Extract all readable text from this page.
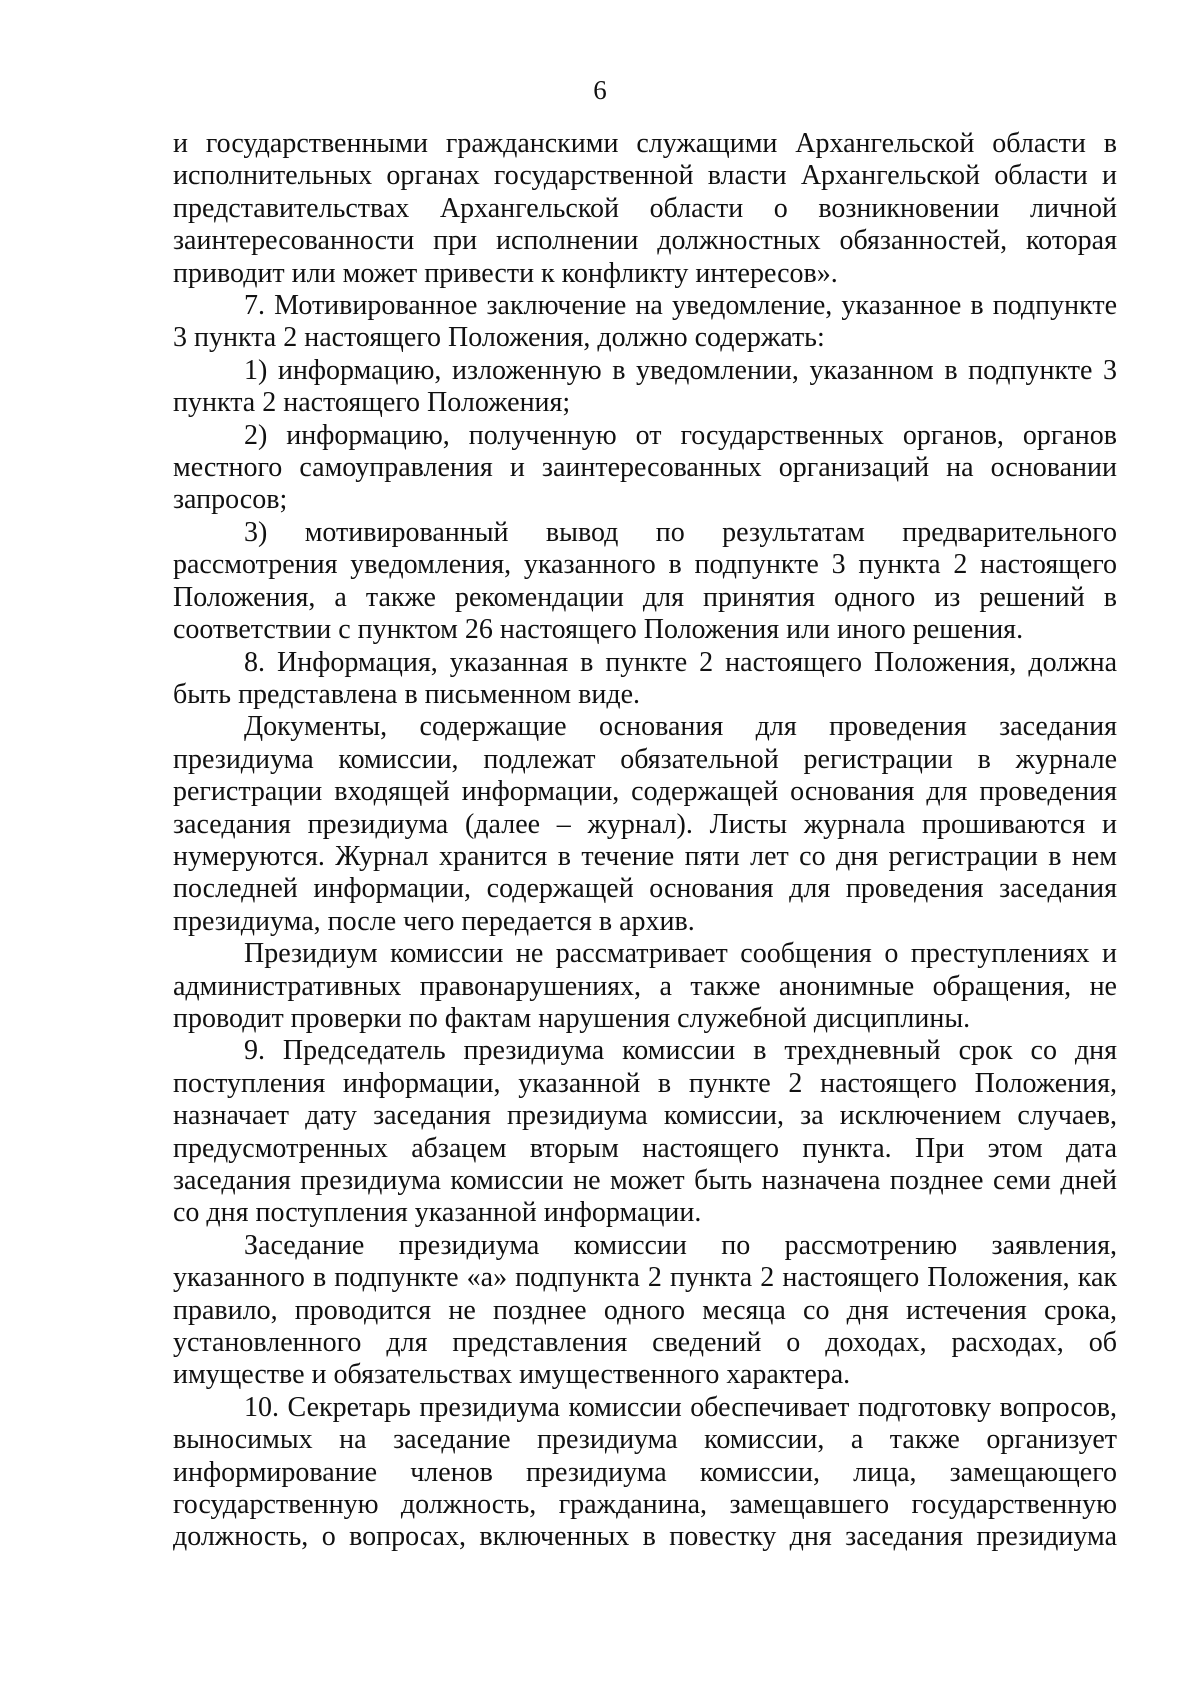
6

и государственными гражданскими служащими Архангельской области в исполнительных органах государственной власти Архангельской области и представительствах Архангельской области о возникновении личной заинтересованности при исполнении должностных обязанностей, которая приводит или может привести к конфликту интересов».

7. Мотивированное заключение на уведомление, указанное в подпункте 3 пункта 2 настоящего Положения, должно содержать:

1) информацию, изложенную в уведомлении, указанном в подпункте 3 пункта 2 настоящего Положения;

2) информацию, полученную от государственных органов, органов местного самоуправления и заинтересованных организаций на основании запросов;

3) мотивированный вывод по результатам предварительного рассмотрения уведомления, указанного в подпункте 3 пункта 2 настоящего Положения, а также рекомендации для принятия одного из решений в соответствии с пунктом 26 настоящего Положения или иного решения.

8. Информация, указанная в пункте 2 настоящего Положения, должна быть представлена в письменном виде.

Документы, содержащие основания для проведения заседания президиума комиссии, подлежат обязательной регистрации в журнале регистрации входящей информации, содержащей основания для проведения заседания президиума (далее – журнал). Листы журнала прошиваются и нумеруются. Журнал хранится в течение пяти лет со дня регистрации в нем последней информации, содержащей основания для проведения заседания президиума, после чего передается в архив.

Президиум комиссии не рассматривает сообщения о преступлениях и административных правонарушениях, а также анонимные обращения, не проводит проверки по фактам нарушения служебной дисциплины.

9. Председатель президиума комиссии в трехдневный срок со дня поступления информации, указанной в пункте 2 настоящего Положения, назначает дату заседания президиума комиссии, за исключением случаев, предусмотренных абзацем вторым настоящего пункта. При этом дата заседания президиума комиссии не может быть назначена позднее семи дней со дня поступления указанной информации.

Заседание президиума комиссии по рассмотрению заявления, указанного в подпункте «а» подпункта 2 пункта 2 настоящего Положения, как правило, проводится не позднее одного месяца со дня истечения срока, установленного для представления сведений о доходах, расходах, об имуществе и обязательствах имущественного характера.

10. Секретарь президиума комиссии обеспечивает подготовку вопросов, выносимых на заседание президиума комиссии, а также организует информирование членов президиума комиссии, лица, замещающего государственную должность, гражданина, замещавшего государственную должность, о вопросах, включенных в повестку дня заседания президиума
